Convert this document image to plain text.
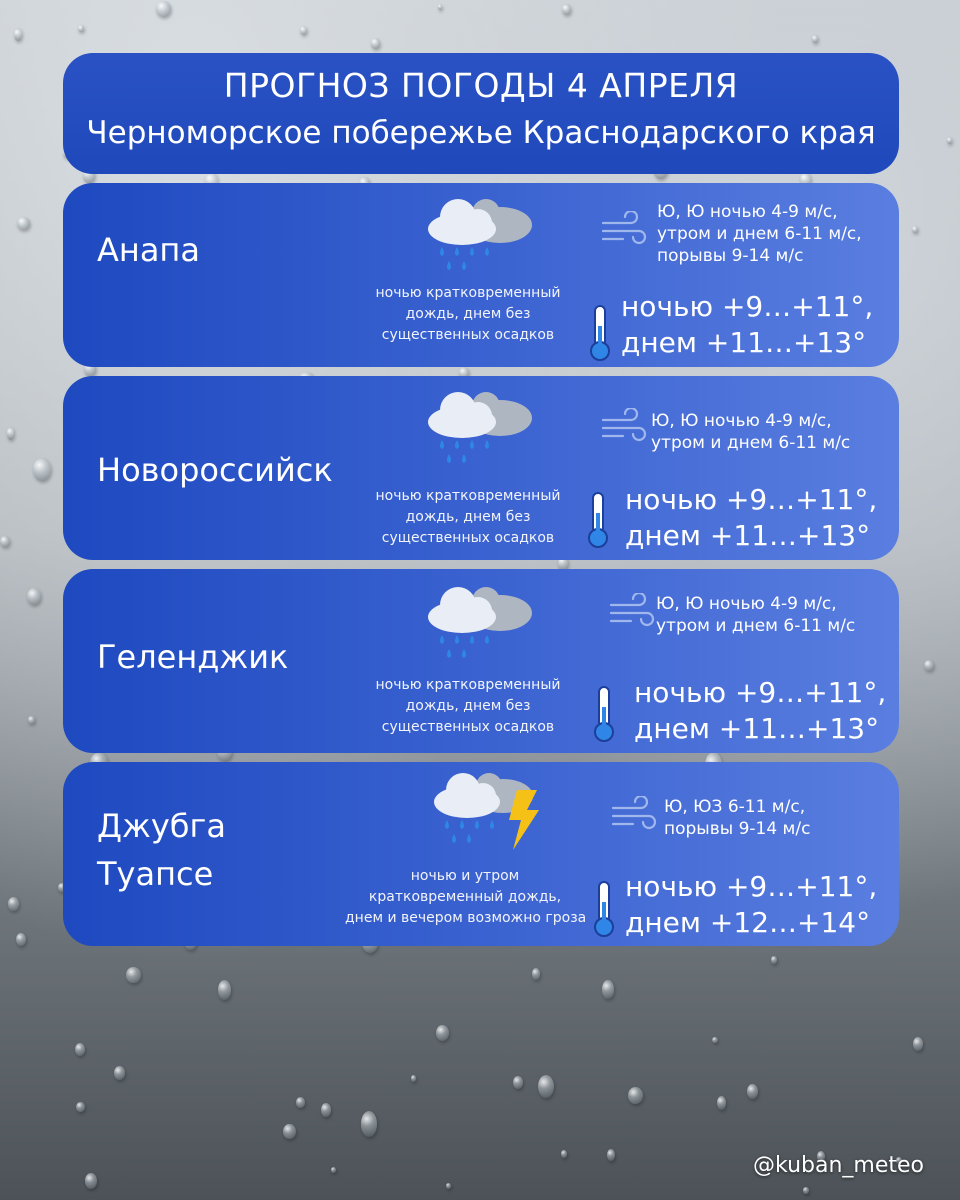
ПРОГНОЗ ПОГОДЫ 4 АПРЕЛЯ
Черноморское побережье Краснодарского края
Анапа
ночью кратковременный
дождь, днем без
существенных осадков
Ю, Ю ночью 4-9 м/с,
утром и днем 6-11 м/с,
порывы 9-14 м/с
ночью +9…+11°,
днем +11…+13°
Новороссийск
ночью кратковременный
дождь, днем без
существенных осадков
Ю, Ю ночью 4-9 м/с,
утром и днем 6-11 м/с
ночью +9…+11°,
днем +11…+13°
Геленджик
ночью кратковременный
дождь, днем без
существенных осадков
Ю, Ю ночью 4-9 м/с,
утром и днем 6-11 м/с
ночью +9…+11°,
днем +11…+13°
Джубга
Туапсе	ночью и утром
кратковременный дождь,
днем и вечером возможно гроза
Ю, ЮЗ 6-11 м/с,
порывы 9-14 м/с
ночью +9…+11°,
днем +12…+14°
@kuban_meteo
